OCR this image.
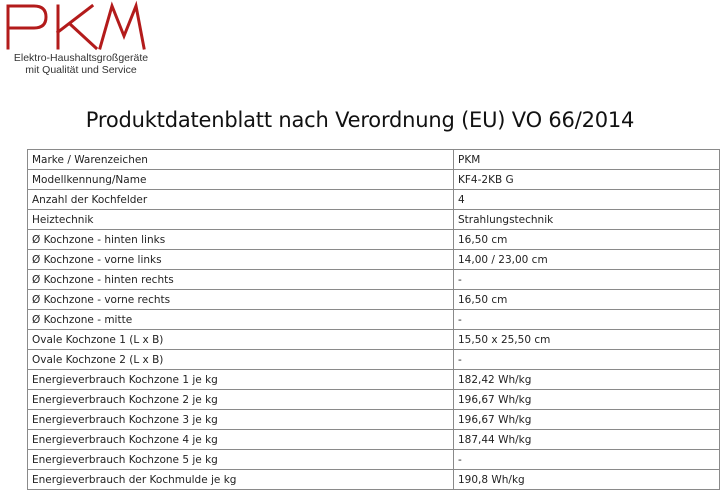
Elektro-Haushaltsgroßgeräte
mit Qualität und Service
Produktdatenblatt nach Verordnung (EU) VO 66/2014
Marke / Warenzeichen	PKM
Modellkennung/Name	KF4-2KB G
Anzahl der Kochfelder	4
Heiztechnik	Strahlungstechnik
Ø Kochzone - hinten links	16,50 cm
Ø Kochzone - vorne links	14,00 / 23,00 cm
Ø Kochzone - hinten rechts	-
Ø Kochzone - vorne rechts	16,50 cm
Ø Kochzone - mitte	-
Ovale Kochzone 1 (L x B)	15,50 x 25,50 cm
Ovale Kochzone 2 (L x B)	-
Energieverbrauch Kochzone 1 je kg	182,42 Wh/kg
Energieverbrauch Kochzone 2 je kg	196,67 Wh/kg
Energieverbrauch Kochzone 3 je kg	196,67 Wh/kg
Energieverbrauch Kochzone 4 je kg	187,44 Wh/kg
Energieverbrauch Kochzone 5 je kg	-
Energieverbrauch der Kochmulde je kg	190,8 Wh/kg
